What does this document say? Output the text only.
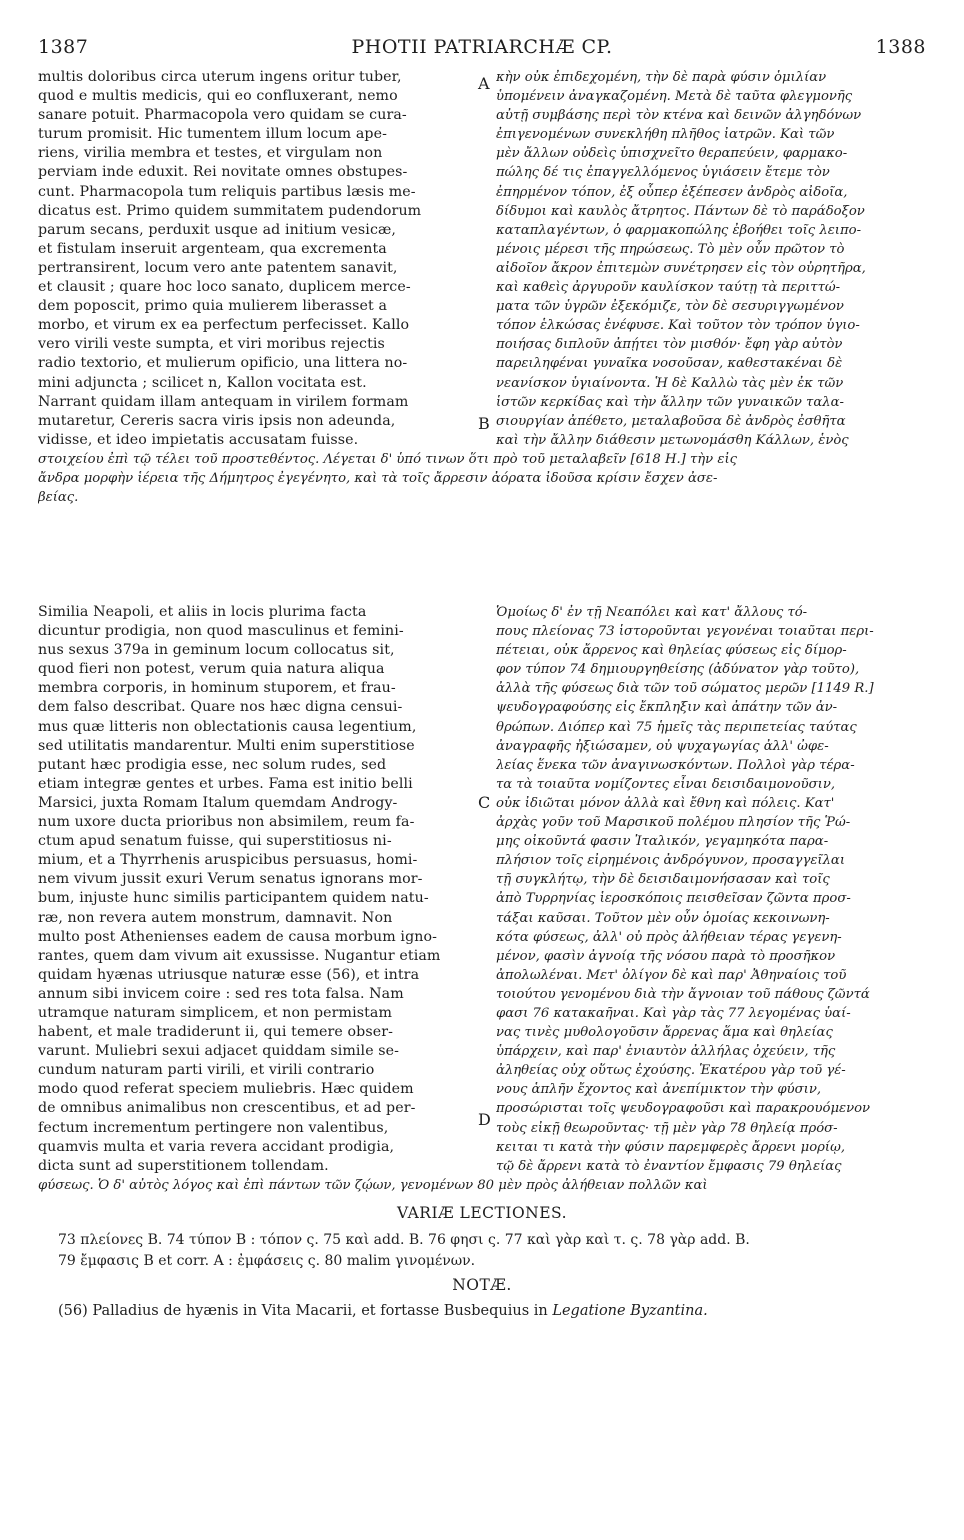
1387	PHOTII PATRIARCHÆ CP.	1388
A
B
C
D
multis doloribus circa uterum ingens oritur tuber,
quod e multis medicis, qui eo confluxerant, nemo
sanare potuit. Pharmacopola vero quidam se cura-
turum promisit. Hic tumentem illum locum ape-
riens, virilia membra et testes, et virgulam non
perviam inde eduxit. Rei novitate omnes obstupes-
cunt. Pharmacopola tum reliquis partibus læsis me-
dicatus est. Primo quidem summitatem pudendorum
parum secans, perduxit usque ad initium vesicæ,
et fistulam inseruit argenteam, qua excrementa
pertransirent, locum vero ante patentem sanavit,
et clausit ; quare hoc loco sanato, duplicem merce-
dem poposcit, primo quia mulierem liberasset a
morbo, et virum ex ea perfectum perfecisset. Kallo
vero virili veste sumpta, et viri moribus rejectis
radio textorio, et mulierum opificio, una littera no-
mini adjuncta ; scilicet n, Kallon vocitata est.
Narrant quidam illam antequam in virilem formam
mutaretur, Cereris sacra viris ipsis non adeunda,
vidisse, et ideo impietatis accusatam fuisse.
κὴν οὐκ ἐπιδεχομένη, τὴν δὲ παρὰ φύσιν ὁμιλίαν
ὑπομένειν ἀναγκαζομένη. Μετὰ δὲ ταῦτα φλεγμονῆς
αὐτῇ συμβάσης περὶ τὸν κτένα καὶ δεινῶν ἀλγηδόνων
ἐπιγενομένων συνεκλήθη πλῆθος ἰατρῶν. Καὶ τῶν
μὲν ἄλλων οὐδεὶς ὑπισχνεῖτο θεραπεύειν, φαρμακο-
πώλης δέ τις ἐπαγγελλόμενος ὑγιάσειν ἔτεμε τὸν
ἐπηρμένον τόπον, ἐξ οὗπερ ἐξέπεσεν ἀνδρὸς αἰδοῖα,
δίδυμοι καὶ καυλὸς ἄτρητος. Πάντων δὲ τὸ παράδοξον
καταπλαγέντων, ὁ φαρμακοπώλης ἐβοήθει τοῖς λειπο-
μένοις μέρεσι τῆς πηρώσεως. Τὸ μὲν οὖν πρῶτον τὸ
αἰδοῖον ἄκρον ἐπιτεμὼν συνέτρησεν εἰς τὸν οὐρητῆρα,
καὶ καθεὶς ἀργυροῦν καυλίσκον ταύτῃ τὰ περιττώ-
ματα τῶν ὑγρῶν ἐξεκόμιζε, τὸν δὲ σεσυριγγωμένον
τόπον ἑλκώσας ἐνέφυσε. Καὶ τοῦτον τὸν τρόπον ὑγιο-
ποιήσας διπλοῦν ἀπῄτει τὸν μισθόν· ἔφη γὰρ αὐτὸν
παρειληφέναι γυναῖκα νοσοῦσαν, καθεστακέναι δὲ
νεανίσκον ὑγιαίνοντα. Ἡ δὲ Καλλὼ τὰς μὲν ἐκ τῶν
ἱστῶν κερκίδας καὶ τὴν ἄλλην τῶν γυναικῶν ταλα-
σιουργίαν ἀπέθετο, μεταλαβοῦσα δὲ ἀνδρὸς ἐσθῆτα
καὶ τὴν ἄλλην διάθεσιν μετωνομάσθη Κάλλων, ἑνὸς
Similia Neapoli, et aliis in locis plurima facta
dicuntur prodigia, non quod masculinus et femini-
nus sexus 379a in geminum locum collocatus sit,
quod fieri non potest, verum quia natura aliqua
membra corporis, in hominum stuporem, et frau-
dem falso describat. Quare nos hæc digna censui-
mus quæ litteris non oblectationis causa legentium,
sed utilitatis mandarentur. Multi enim superstitiose
putant hæc prodigia esse, nec solum rudes, sed
etiam integræ gentes et urbes. Fama est initio belli
Marsici, juxta Romam Italum quemdam Androgy-
num uxore ducta prioribus non absimilem, reum fa-
ctum apud senatum fuisse, qui superstitiosus ni-
mium, et a Thyrrhenis aruspicibus persuasus, homi-
nem vivum jussit exuri Verum senatus ignorans mor-
bum, injuste hunc similis participantem quidem natu-
ræ, non revera autem monstrum, damnavit. Non
multo post Athenienses eadem de causa morbum igno-
rantes, quem dam vivum ait exussisse. Nugantur etiam
quidam hyænas utriusque naturæ esse (56), et intra
annum sibi invicem coire : sed res tota falsa. Nam
utramque naturam simplicem, et non permistam
habent, et male tradiderunt ii, qui temere obser-
varunt. Muliebri sexui adjacet quiddam simile se-
cundum naturam parti virili, et virili contrario
modo quod referat speciem muliebris. Hæc quidem
de omnibus animalibus non crescentibus, et ad per-
fectum incrementum pertingere non valentibus,
quamvis multa et varia revera accidant prodigia,
dicta sunt ad superstitionem tollendam.
Ὁμοίως δ' ἐν τῇ Νεαπόλει καὶ κατ' ἄλλους τό-
πους πλείονας 73 ἱστοροῦνται γεγονέναι τοιαῦται περι-
πέτειαι, οὐκ ἄρρενος καὶ θηλείας φύσεως εἰς δίμορ-
φον τύπον 74 δημιουργηθείσης (ἀδύνατον γὰρ τοῦτο),
ἀλλὰ τῆς φύσεως διὰ τῶν τοῦ σώματος μερῶν [1149 R.]
ψευδογραφούσης εἰς ἔκπληξιν καὶ ἀπάτην τῶν ἀν-
θρώπων. Διόπερ καὶ 75 ἡμεῖς τὰς περιπετείας ταύτας
ἀναγραφῆς ἠξιώσαμεν, οὐ ψυχαγωγίας ἀλλ' ὠφε-
λείας ἕνεκα τῶν ἀναγινωσκόντων. Πολλοὶ γὰρ τέρα-
τα τὰ τοιαῦτα νομίζοντες εἶναι δεισιδαιμονοῦσιν,
οὐκ ἰδιῶται μόνον ἀλλὰ καὶ ἔθνη καὶ πόλεις. Κατ'
ἀρχὰς γοῦν τοῦ Μαρσικοῦ πολέμου πλησίον τῆς Ῥώ-
μης οἰκοῦντά φασιν Ἰταλικόν, γεγαμηκότα παρα-
πλήσιον τοῖς εἰρημένοις ἀνδρόγυνον, προσαγγεῖλαι
τῇ συγκλήτῳ, τὴν δὲ δεισιδαιμονήσασαν καὶ τοῖς
ἀπὸ Τυρρηνίας ἱεροσκόποις πεισθεῖσαν ζῶντα προσ-
τάξαι καῦσαι. Τοῦτον μὲν οὖν ὁμοίας κεκοινωνη-
κότα φύσεως, ἀλλ' οὐ πρὸς ἀλήθειαν τέρας γεγενη-
μένον, φασὶν ἀγνοίᾳ τῆς νόσου παρὰ τὸ προσῆκον
ἀπολωλέναι. Μετ' ὀλίγον δὲ καὶ παρ' Ἀθηναίοις τοῦ
τοιούτου γενομένου διὰ τὴν ἄγνοιαν τοῦ πάθους ζῶντά
φασι 76 κατακαῆναι. Καὶ γὰρ τὰς 77 λεγομένας ὑαί-
νας τινὲς μυθολογοῦσιν ἄρρενας ἅμα καὶ θηλείας
ὑπάρχειν, καὶ παρ' ἐνιαυτὸν ἀλλήλας ὀχεύειν, τῆς
ἀληθείας οὐχ οὕτως ἐχούσης. Ἑκατέρου γὰρ τοῦ γέ-
νους ἁπλῆν ἔχοντος καὶ ἀνεπίμικτον τὴν φύσιν,
προσώρισται τοῖς ψευδογραφοῦσι καὶ παρακρουόμενον
τοὺς εἰκῇ θεωροῦντας· τῇ μὲν γὰρ 78 θηλείᾳ πρόσ-
κειται τι κατὰ τὴν φύσιν παρεμφερὲς ἄρρενι μορίῳ,
τῷ δὲ ἄρρενι κατὰ τὸ ἐναντίον ἔμφασις 79 θηλείας
VARIÆ LECTIONES.
73 πλείονες B. 74 τύπον B : τόπον ς. 75 καὶ add. B. 76 φησι ς. 77 καὶ γὰρ καὶ τ. ς. 78 γὰρ add. B.
79 ἔμφασις B et corr. A : ἐμφάσεις ς. 80 malim γινομένων.
NOTÆ.
(56) Palladius de hyænis in Vita Macarii, et fortasse Busbequius in Legatione Byzantina.
στοιχείου ἐπὶ τῷ τέλει τοῦ προστεθέντος. Λέγεται δ' ὑπό τινων ὅτι πρὸ τοῦ μεταλαβεῖν [618 H.] τὴν εἰς
ἄνδρα μορφὴν ἱέρεια τῆς Δήμητρος ἐγεγένητο, καὶ τὰ τοῖς ἄρρεσιν ἀόρατα ἰδοῦσα κρίσιν ἔσχεν ἀσε-
βείας.
φύσεως. Ὁ δ' αὐτὸς λόγος καὶ ἐπὶ πάντων τῶν ζῴων, γενομένων 80 μὲν πρὸς ἀλήθειαν πολλῶν καὶ
